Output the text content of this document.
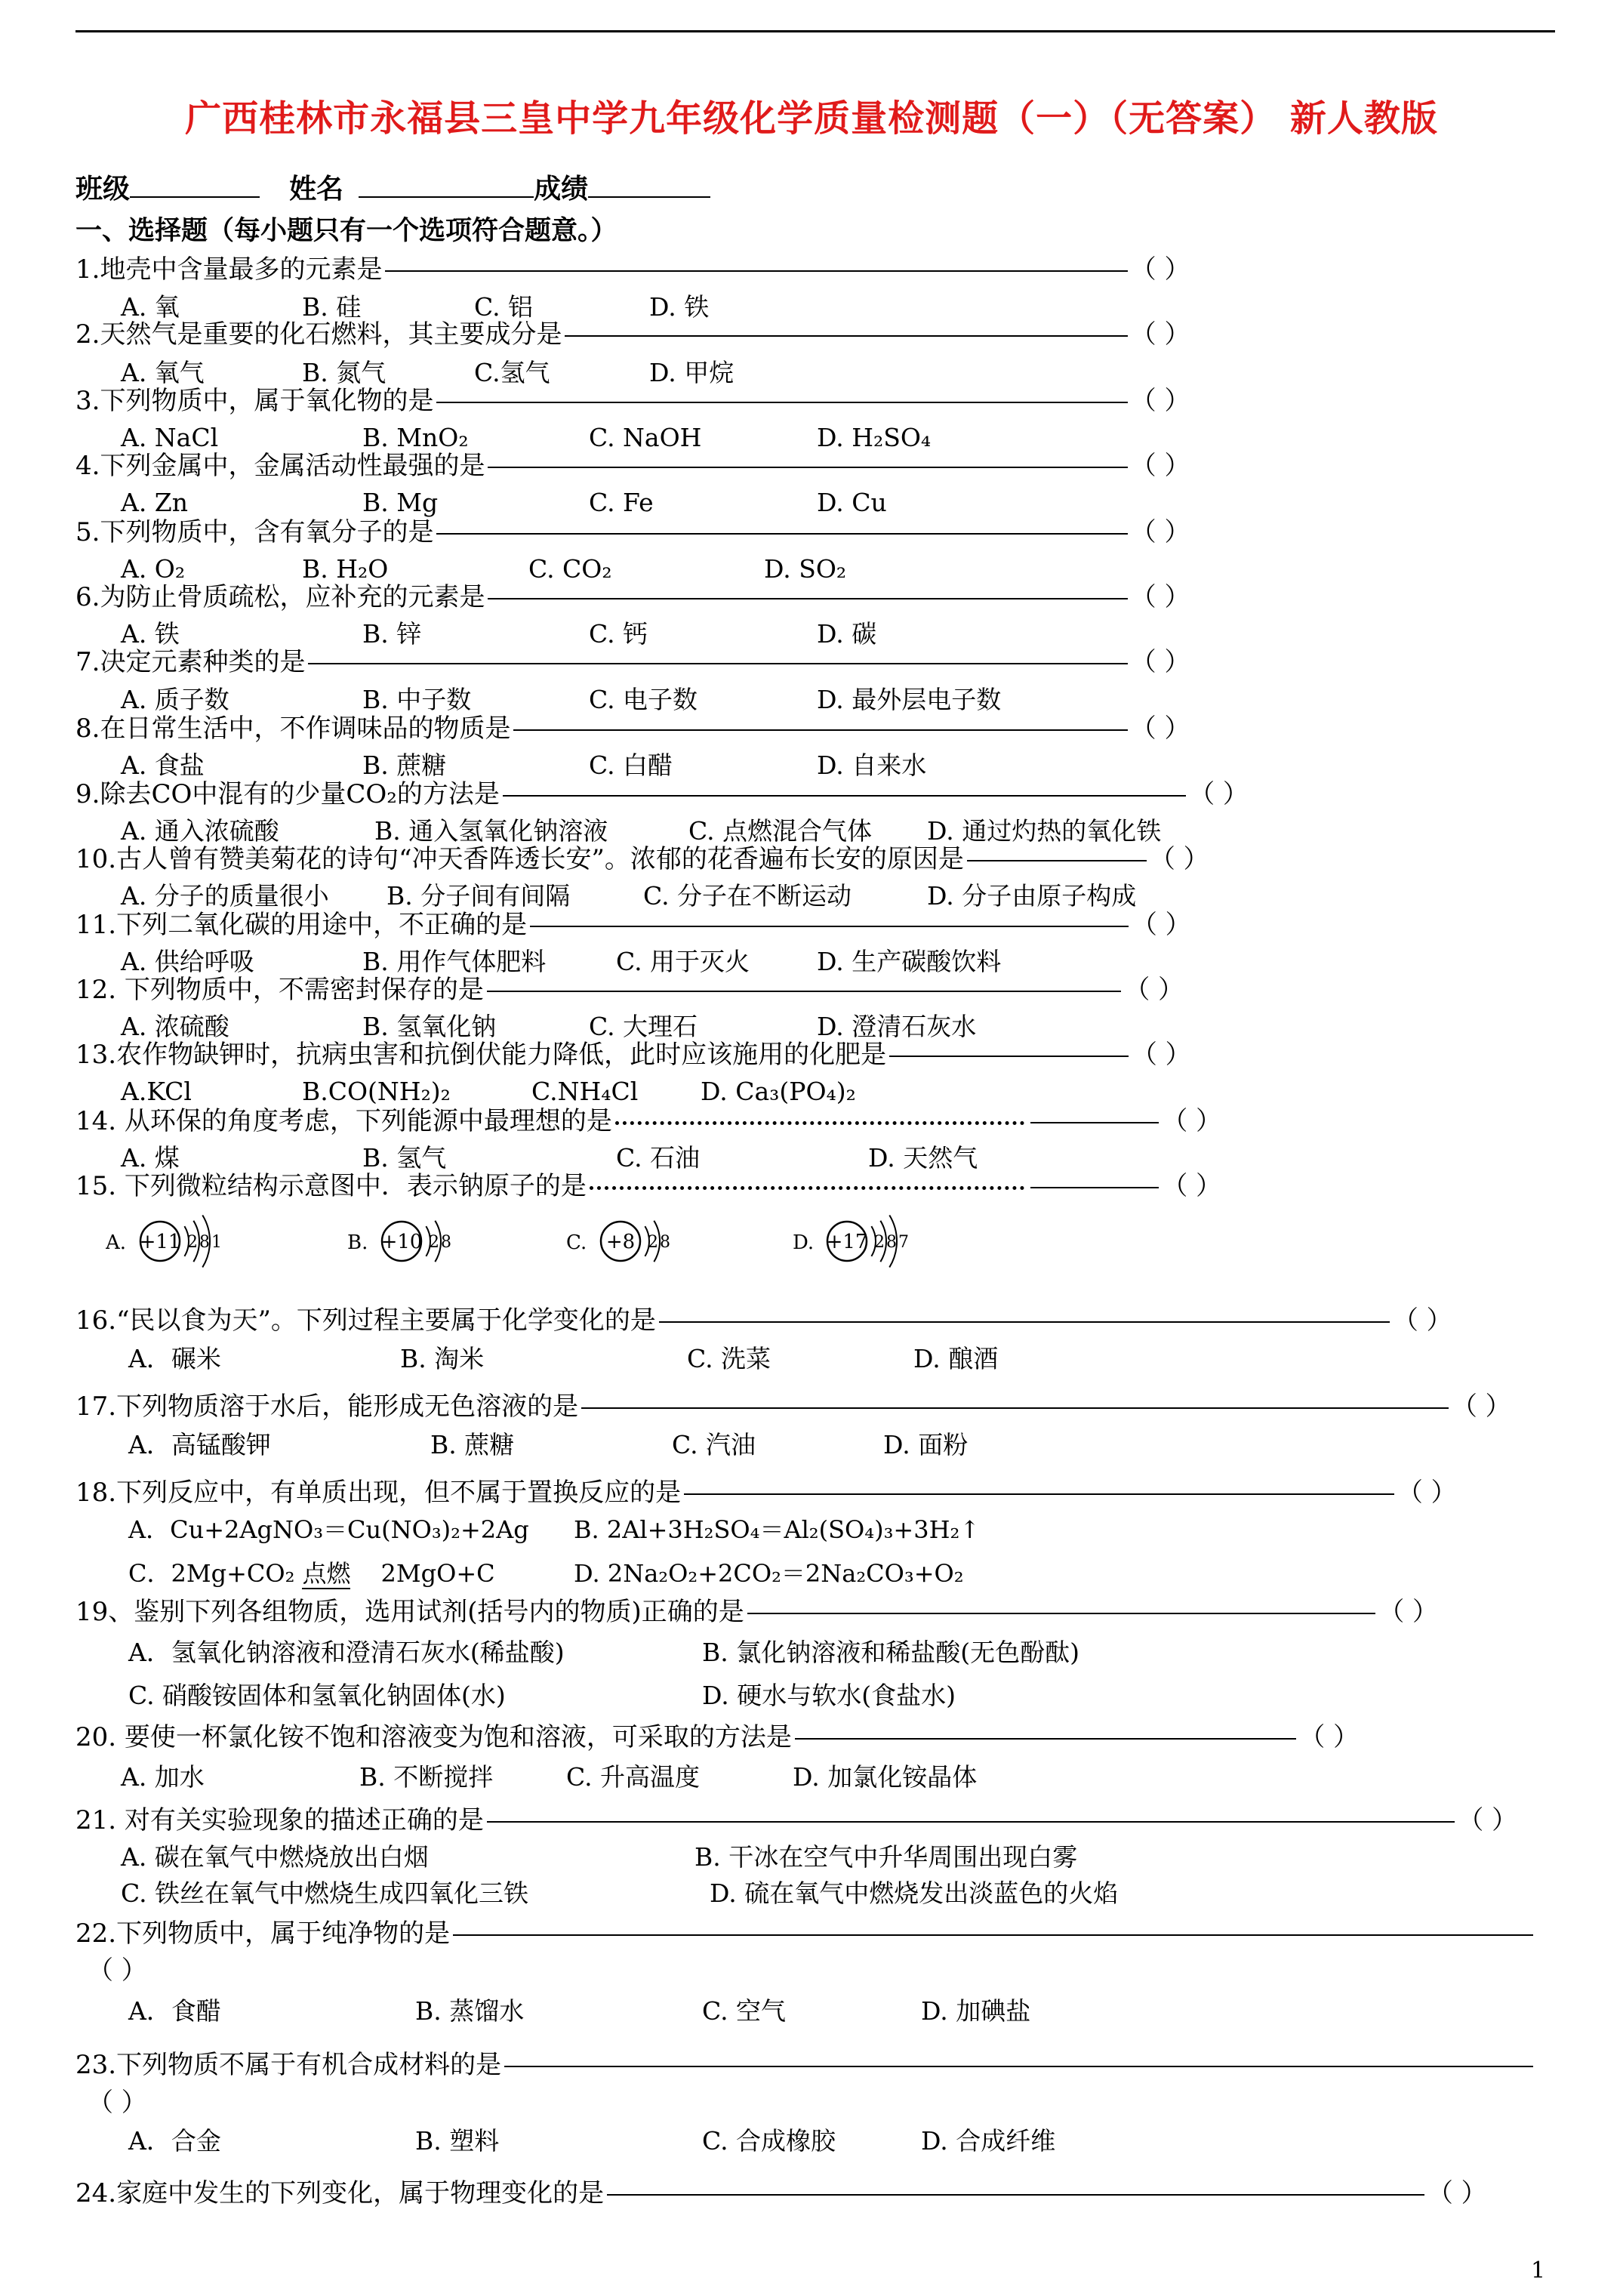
广西桂林市永福县三皇中学九年级化学质量检测题（一）（无答案） 新人教版
班级	姓名	成绩
一、选择题（每小题只有一个选项符合题意。）
1.地壳中含量最多的元素是	（ ）
A. 氧	B. 硅	C. 铝	D. 铁
2.天然气是重要的化石燃料，其主要成分是	（ ）
A. 氧气	B. 氮气	C.氢气	D. 甲烷
3.下列物质中，属于氧化物的是	（ ）
A. NaCl	B. MnO₂	C. NaOH	D. H₂SO₄
4.下列金属中，金属活动性最强的是	（ ）
A. Zn	B. Mg	C. Fe	D. Cu
5.下列物质中，含有氧分子的是	（ ）
A. O₂	B. H₂O	C. CO₂	D. SO₂
6.为防止骨质疏松，应补充的元素是	（ ）
A. 铁	B. 锌	C. 钙	D. 碳
7.决定元素种类的是	（ ）
A. 质子数	B. 中子数	C. 电子数	D. 最外层电子数
8.在日常生活中，不作调味品的物质是	（ ）
A. 食盐	B. 蔗糖	C. 白醋	D. 自来水
9.除去CO中混有的少量CO₂的方法是	（ ）
A. 通入浓硫酸	B. 通入氢氧化钠溶液	C. 点燃混合气体 D. 通过灼热的氧化铁
10.古人曾有赞美菊花的诗句“冲天香阵透长安”。浓郁的花香遍布长安的原因是	（ ）
A. 分子的质量很小 B. 分子间有间隔	C. 分子在不断运动	D. 分子由原子构成
11.下列二氧化碳的用途中，不正确的是	（ ）
A. 供给呼吸	B. 用作气体肥料	C. 用于灭火	D. 生产碳酸饮料
12. 下列物质中，不需密封保存的是	（ ）
A. 浓硫酸	B. 氢氧化钠	C. 大理石	D. 澄清石灰水
13.农作物缺钾时，抗病虫害和抗倒伏能力降低，此时应该施用的化肥是	（ ）
A.KCl	B.CO(NH₂)₂	C.NH₄Cl	D. Ca₃(PO₄)₂
14. 从环保的角度考虑，下列能源中最理想的是	（ ）
A. 煤	B. 氢气	C. 石油	D. 天然气
15. 下列微粒结构示意图中．表示钠原子的是	（ ）
16.“民以食为天”。下列过程主要属于化学变化的是	（ ）
A．碾米	B. 淘米	C. 洗菜	D. 酿酒
17.下列物质溶于水后，能形成无色溶液的是	（ ）
A．高锰酸钾	B. 蔗糖	C. 汽油	D. 面粉
18.下列反应中，有单质出现，但不属于置换反应的是	（ ）
19、鉴别下列各组物质，选用试剂(括号内的物质)正确的是	（ ）
A．氢氧化钠溶液和澄清石灰水(稀盐酸)	B. 氯化钠溶液和稀盐酸(无色酚酞)
C. 硝酸铵固体和氢氧化钠固体(水)	D. 硬水与软水(食盐水)
20. 要使一杯氯化铵不饱和溶液变为饱和溶液，可采取的方法是	（ ）
A. 加水	B. 不断搅拌	C. 升高温度	D. 加氯化铵晶体
21. 对有关实验现象的描述正确的是	（ ）
A. 碳在氧气中燃烧放出白烟	B. 干冰在空气中升华周围出现白雾
C. 铁丝在氧气中燃烧生成四氧化三铁	D. 硫在氧气中燃烧发出淡蓝色的火焰
22.下列物质中，属于纯净物的是
（ ）
A．食醋	B. 蒸馏水	C. 空气	D. 加碘盐
23.下列物质不属于有机合成材料的是
（ ）
A．合金	B. 塑料	C. 合成橡胶	D. 合成纤维
24.家庭中发生的下列变化，属于物理变化的是	（ ）
A. +11 281	B. +10 28	C. +8 28	D. +17 287
A．Cu+2AgNO₃＝Cu(NO₃)₂+2Ag B. 2Al+3H₂SO₄＝Al₂(SO₄)₃+3H₂↑
C．2Mg+CO₂ 点燃 2MgO+C	D. 2Na₂O₂+2CO₂＝2Na₂CO₃+O₂
1
